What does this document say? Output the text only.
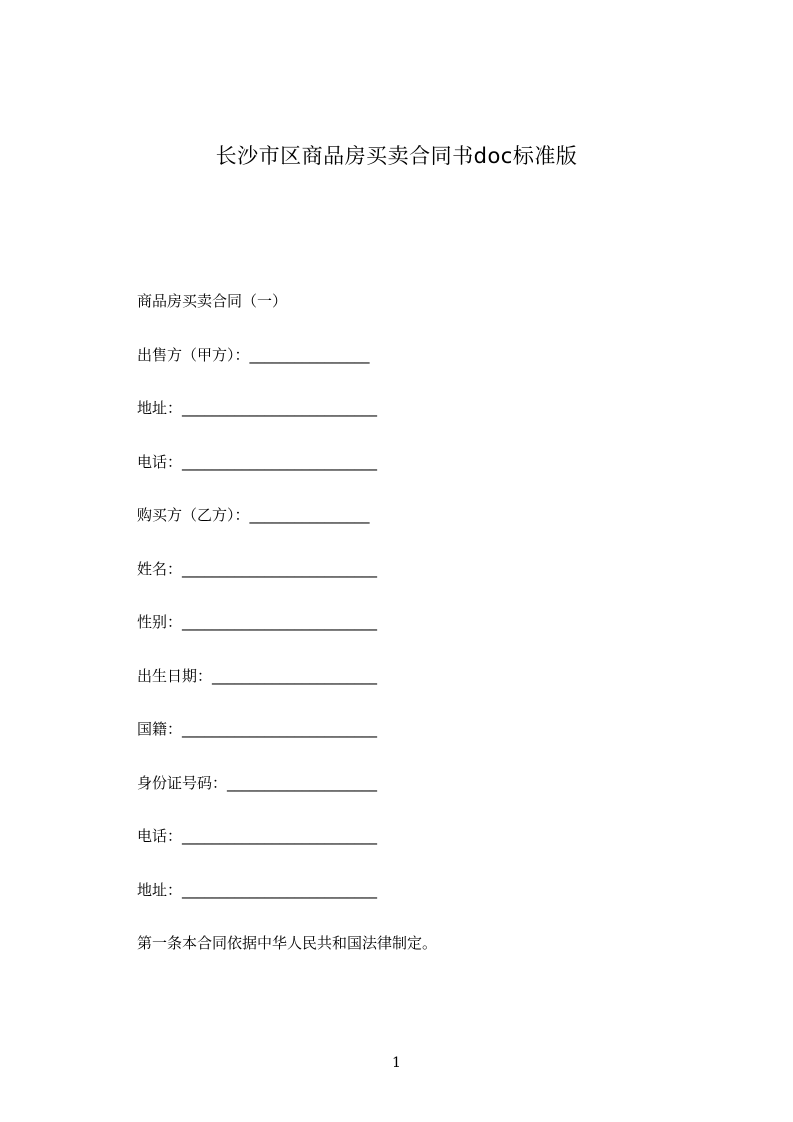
长沙市区商品房买卖合同书doc标准版
商品房买卖合同（一）
出售方（甲方）：________________
地址：__________________________
电话：__________________________
购买方（乙方）：________________
姓名：__________________________
性别：__________________________
出生日期：______________________
国籍：__________________________
身份证号码：____________________
电话：__________________________
地址：__________________________
第一条本合同依据中华人民共和国法律制定。
1
